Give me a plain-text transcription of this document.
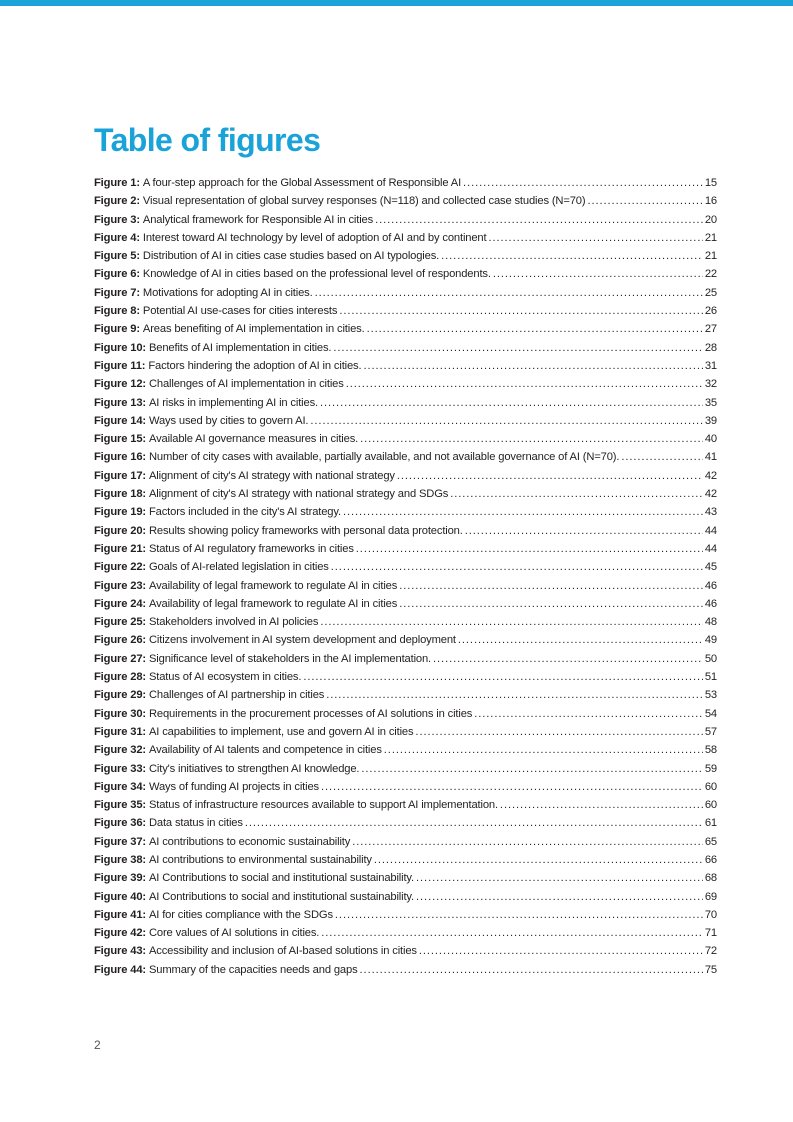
Table of figures
Figure 1: A four-step approach for the Global Assessment of Responsible AI . . .	15
Figure 2: Visual representation of global survey responses (N=118) and collected case studies (N=70) . . .	16
Figure 3: Analytical framework for Responsible AI in cities . . .	20
Figure 4: Interest toward AI technology by level of adoption of AI and by continent . . .	21
Figure 5: Distribution of AI in cities case studies based on AI typologies. . . .	21
Figure 6: Knowledge of AI in cities based on the professional level of respondents. . . .	22
Figure 7: Motivations for adopting AI in cities. . . .	25
Figure 8: Potential AI use-cases for cities interests . . .	26
Figure 9: Areas benefiting of AI implementation in cities. . . .	27
Figure 10: Benefits of AI implementation in cities. . . .	28
Figure 11: Factors hindering the adoption of AI in cities. . . .	31
Figure 12: Challenges of AI implementation in cities . . .	32
Figure 13: AI risks in implementing AI in cities. . . .	35
Figure 14: Ways used by cities to govern AI. . . .	39
Figure 15: Available AI governance measures in cities. . . .	40
Figure 16: Number of city cases with available, partially available, and not available governance of AI (N=70). . . .	41
Figure 17: Alignment of city's AI strategy with national strategy . . .	42
Figure 18: Alignment of city's AI strategy with national strategy and SDGs . . .	42
Figure 19: Factors included in the city's AI strategy. . . .	43
Figure 20: Results showing policy frameworks with personal data protection. . . .	44
Figure 21: Status of AI regulatory frameworks in cities . . .	44
Figure 22: Goals of AI-related legislation in cities . . .	45
Figure 23: Availability of legal framework to regulate AI in cities . . .	46
Figure 24: Availability of legal framework to regulate AI in cities . . .	46
Figure 25: Stakeholders involved in AI policies . . .	48
Figure 26: Citizens involvement in AI system development and deployment . . .	49
Figure 27: Significance level of stakeholders in the AI implementation. . . .	50
Figure 28: Status of AI ecosystem in cities. . . .	51
Figure 29: Challenges of AI partnership in cities . . .	53
Figure 30: Requirements in the procurement processes of AI solutions in cities . . .	54
Figure 31: AI capabilities to implement, use and govern AI in cities . . .	57
Figure 32: Availability of AI talents and competence in cities . . .	58
Figure 33: City's initiatives to strengthen AI knowledge. . . .	59
Figure 34: Ways of funding AI projects in cities . . .	60
Figure 35: Status of infrastructure resources available to support AI implementation. . . .	60
Figure 36: Data status in cities . . .	61
Figure 37: AI contributions to economic sustainability . . .	65
Figure 38: AI contributions to environmental sustainability . . .	66
Figure 39: AI Contributions to social and institutional sustainability. . . .	68
Figure 40: AI Contributions to social and institutional sustainability. . . .	69
Figure 41: AI for cities compliance with the SDGs . . .	70
Figure 42: Core values of AI solutions in cities. . . .	71
Figure 43: Accessibility and inclusion of AI-based solutions in cities . . .	72
Figure 44: Summary of the capacities needs and gaps . . .	75
2
